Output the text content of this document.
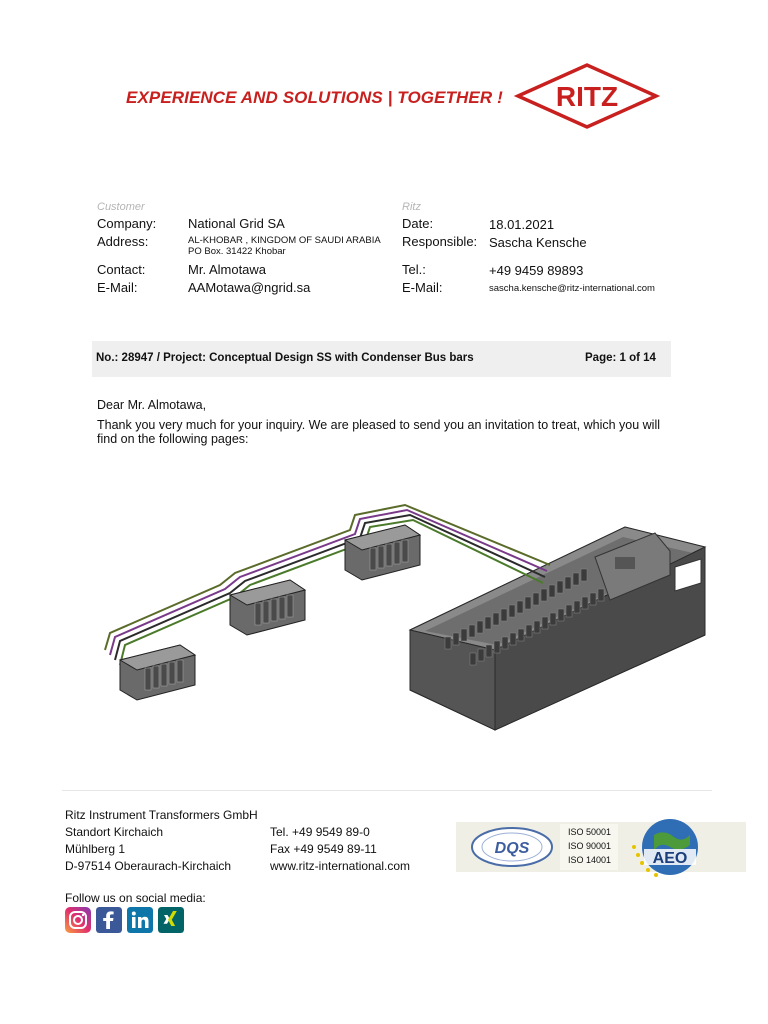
EXPERIENCE AND SOLUTIONS | TOGETHER ! RITZ
Customer
Company: National Grid SA
Address:	AL-KHOBAR , KINGDOM OF SAUDI ARABIA
PO Box. 31422 Khobar
Contact:	Mr. Almotawa
E-Mail:	AAMotawa@ngrid.sa
Ritz
Date:	18.01.2021
Responsible: Sascha Kensche
Tel.:	+49 9459 89893
E-Mail:	sascha.kensche@ritz-international.com
No.: 28947 / Project: Conceptual Design SS with Condenser Bus bars	Page: 1 of 14
Dear Mr. Almotawa,
Thank you very much for your inquiry. We are pleased to send you an invitation to treat, which you will
find on the following pages:
Ritz Instrument Transformers GmbH
Standort Kirchaich
Mühlberg 1
D-97514 Oberaurach-Kirchaich
Tel. +49 9549 89-0
Fax +49 9549 89-11
www.ritz-international.com
DQS
ISO 50001
ISO 90001
ISO 14001	AEO
Follow us on social media:
